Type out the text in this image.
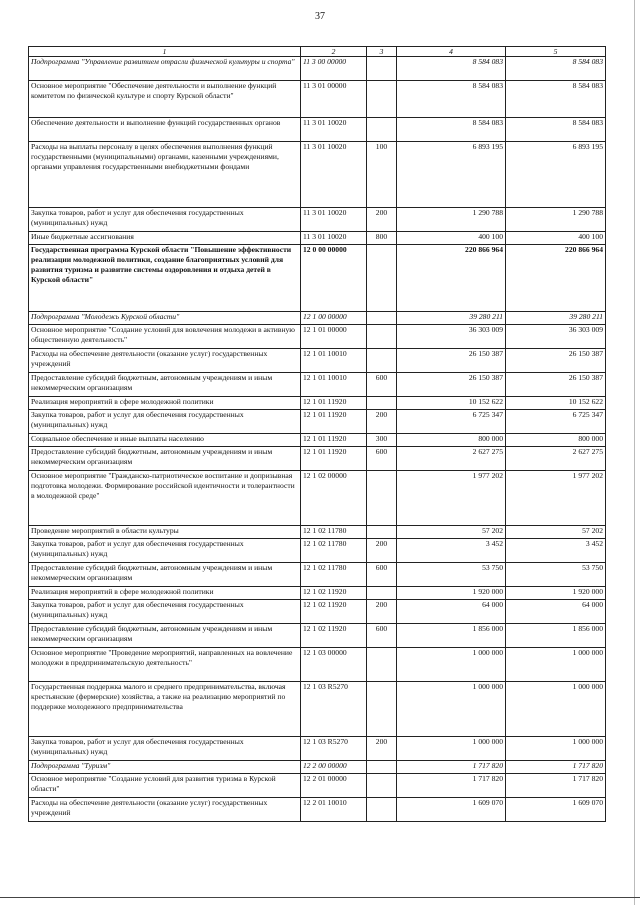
37
1	2	3	4	5
Подпрограмма "Управление развитием отрасли физической культуры и спорта"	11 3 00 00000		8 584 083	8 584 083
Основное мероприятие "Обеспечение деятельности и выполнение функций комитетом по физической культуре и спорту Курской области"	11 3 01 00000		8 584 083	8 584 083
Обеспечение деятельности и выполнение функций государственных органов	11 3 01 10020		8 584 083	8 584 083
Расходы на выплаты персоналу в целях обеспечения выполнения функций государственными (муниципальными) органами, казенными учреждениями, органами управления государственными внебюджетными фондами	11 3 01 10020	100	6 893 195	6 893 195
Закупка товаров, работ и услуг для обеспечения государственных (муниципальных) нужд	11 3 01 10020	200	1 290 788	1 290 788
Иные бюджетные ассигнования	11 3 01 10020	800	400 100	400 100
Государственная программа Курской области "Повышение эффективности реализации молодежной политики, создание благоприятных условий для развития туризма и развитие системы оздоровления и отдыха детей в Курской области"	12 0 00 00000		220 866 964	220 866 964
Подпрограмма "Молодежь Курской области"	12 1 00 00000		39 280 211	39 280 211
Основное мероприятие "Создание условий для вовлечения молодежи в активную общественную деятельность"	12 1 01 00000		36 303 009	36 303 009
Расходы на обеспечение деятельности (оказание услуг) государственных учреждений	12 1 01 10010		26 150 387	26 150 387
Предоставление субсидий бюджетным, автономным учреждениям и иным некоммерческим организациям	12 1 01 10010	600	26 150 387	26 150 387
Реализация мероприятий в сфере молодежной политики	12 1 01 11920		10 152 622	10 152 622
Закупка товаров, работ и услуг для обеспечения государственных (муниципальных) нужд	12 1 01 11920	200	6 725 347	6 725 347
Социальное обеспечение и иные выплаты населению	12 1 01 11920	300	800 000	800 000
Предоставление субсидий бюджетным, автономным учреждениям и иным некоммерческим организациям	12 1 01 11920	600	2 627 275	2 627 275
Основное мероприятие "Гражданско-патриотическое воспитание и допризывная подготовка молодежи. Формирование российской идентичности и толерантности в молодежной среде"	12 1 02 00000		1 977 202	1 977 202
Проведение мероприятий в области культуры	12 1 02 11780		57 202	57 202
Закупка товаров, работ и услуг для обеспечения государственных (муниципальных) нужд	12 1 02 11780	200	3 452	3 452
Предоставление субсидий бюджетным, автономным учреждениям и иным некоммерческим организациям	12 1 02 11780	600	53 750	53 750
Реализация мероприятий в сфере молодежной политики	12 1 02 11920		1 920 000	1 920 000
Закупка товаров, работ и услуг для обеспечения государственных (муниципальных) нужд	12 1 02 11920	200	64 000	64 000
Предоставление субсидий бюджетным, автономным учреждениям и иным некоммерческим организациям	12 1 02 11920	600	1 856 000	1 856 000
Основное мероприятие "Проведение мероприятий, направленных на вовлечение молодежи в предпринимательскую деятельность"	12 1 03 00000		1 000 000	1 000 000
Государственная поддержка малого и среднего предпринимательства, включая крестьянские (фермерские) хозяйства, а также на реализацию мероприятий по поддержке молодежного предпринимательства	12 1 03 R5270		1 000 000	1 000 000
Закупка товаров, работ и услуг для обеспечения государственных (муниципальных) нужд	12 1 03 R5270	200	1 000 000	1 000 000
Подпрограмма "Туризм"	12 2 00 00000		1 717 820	1 717 820
Основное мероприятие "Создание условий для развития туризма в Курской области"	12 2 01 00000		1 717 820	1 717 820
Расходы на обеспечение деятельности (оказание услуг) государственных учреждений	12 2 01 10010		1 609 070	1 609 070
